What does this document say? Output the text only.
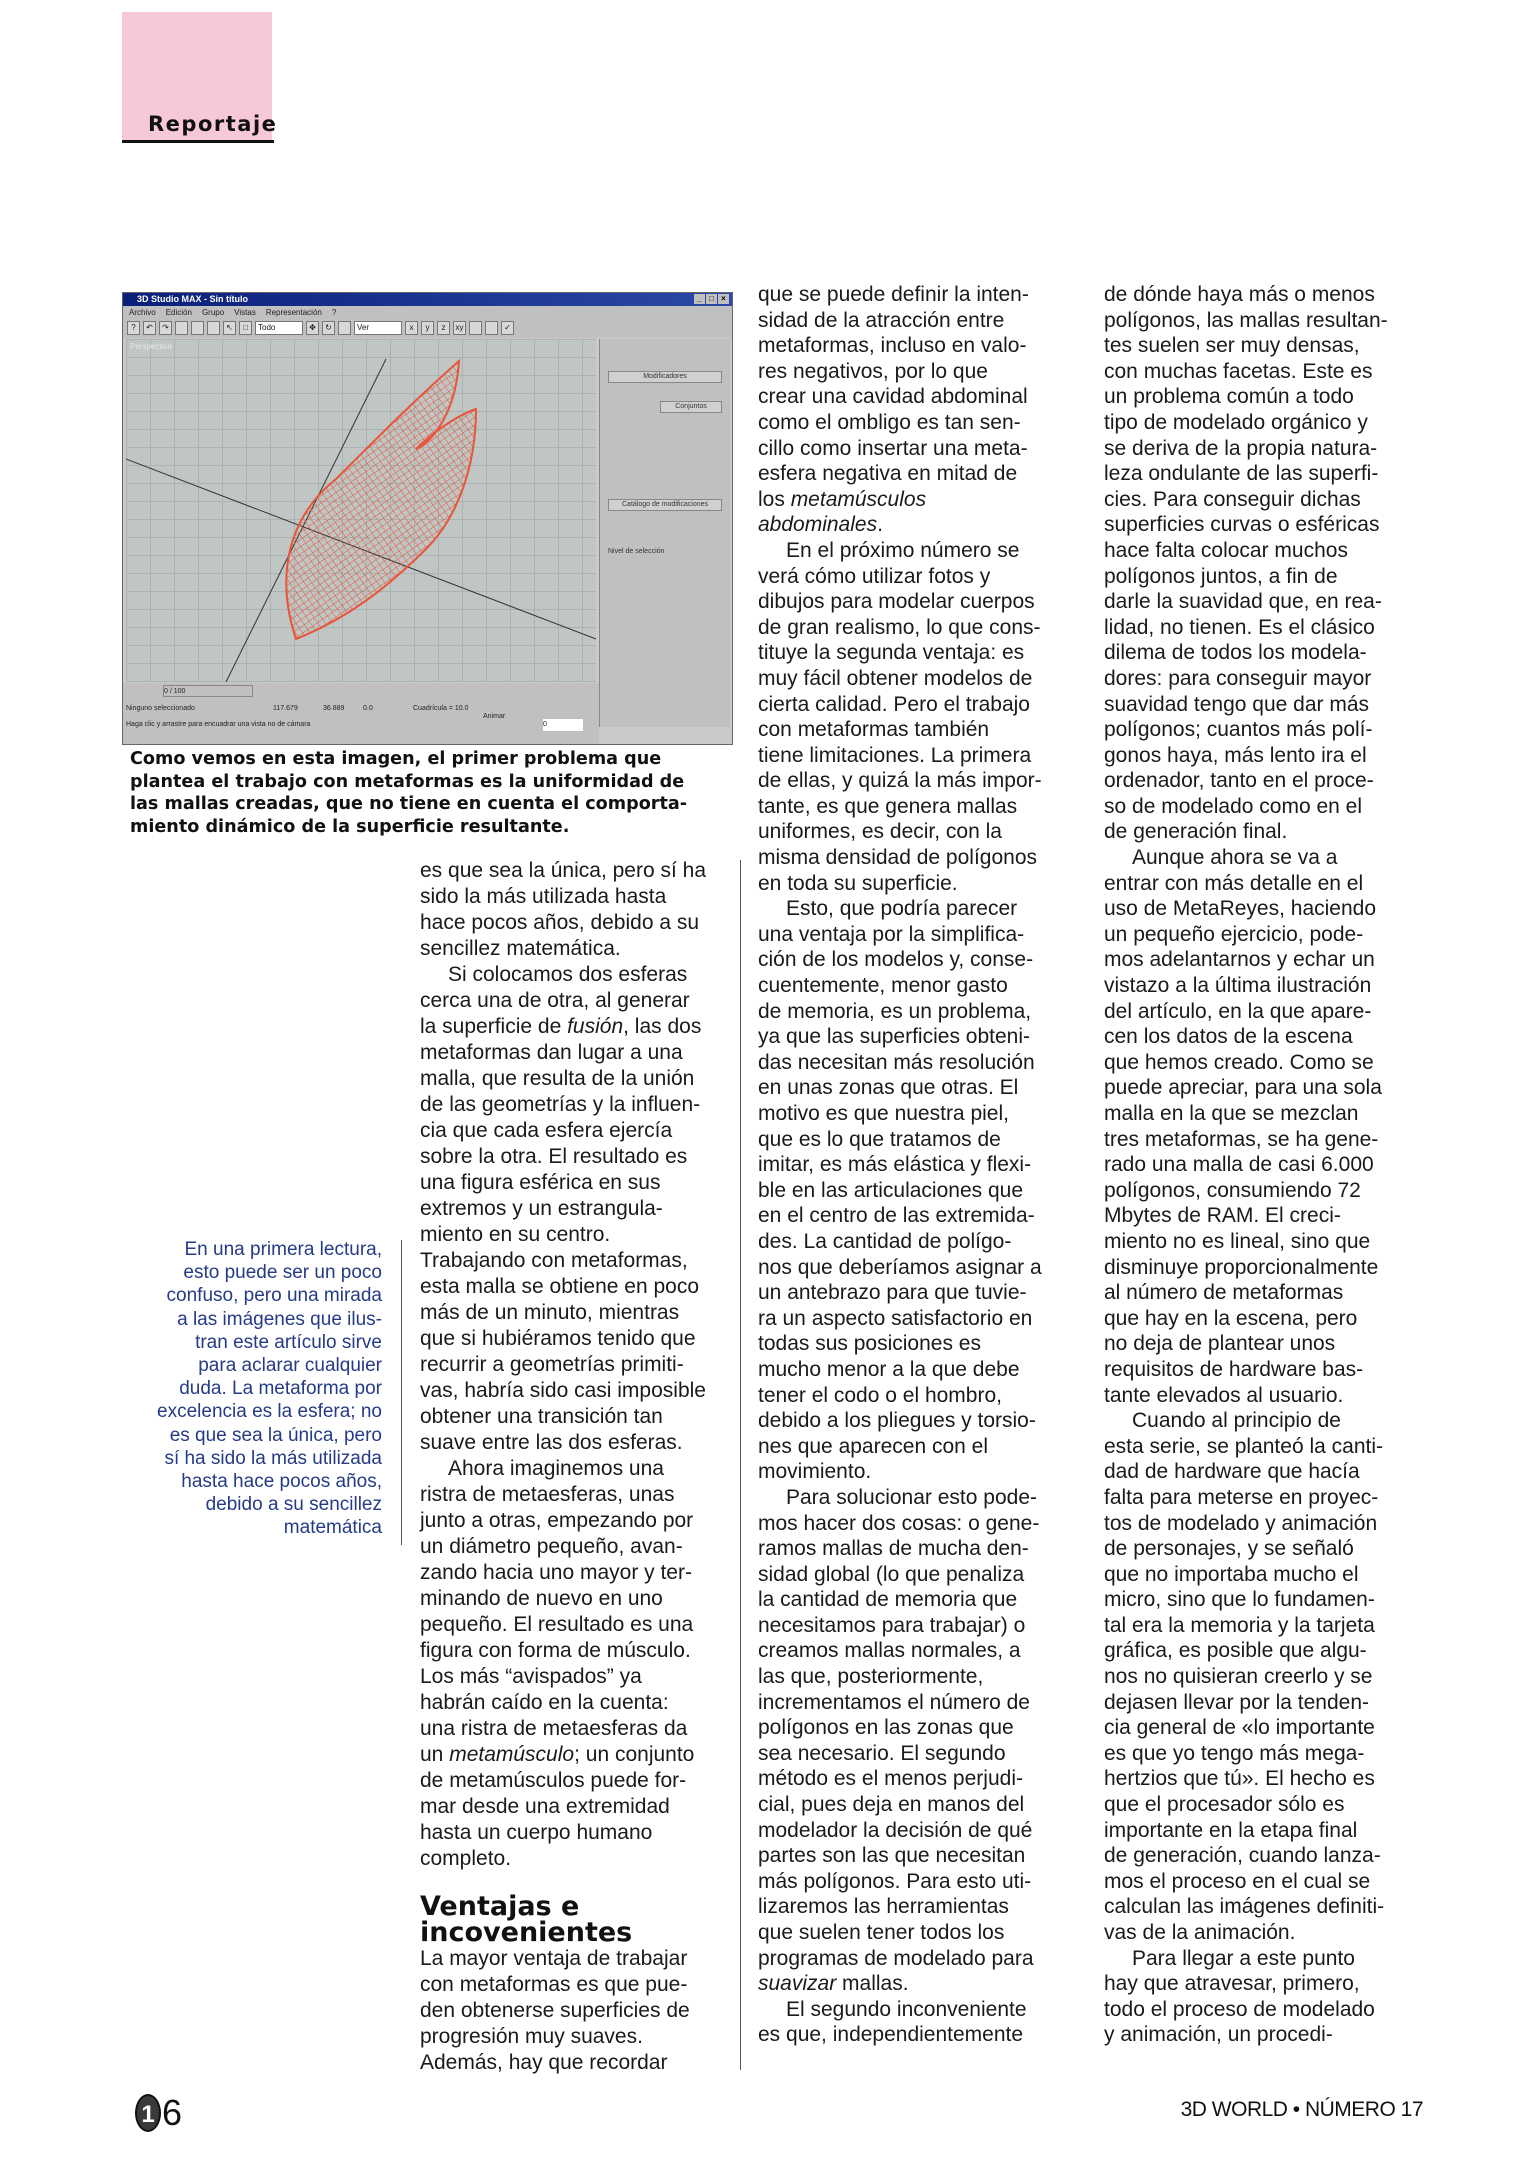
Reportaje
3D Studio MAX - Sin título	_ □ ×
Archivo Edición Grupo Vistas Representación ?
?	↶	↷	↖	□	Todo	✥	↻	Ver	x	y	z	xy	✓
Perspectiva
Modificadores
Conjuntos
Catálogo de modificaciones
Nivel de selección
0 / 100
Ninguno seleccionado	117.679	36.889	0.0	Cuadrícula = 10.0
Animar
Haga clic y arrastre para encuadrar una vista no de cámara	0
Como vemos en esta imagen, el primer problema que
plantea el trabajo con metaformas es la uniformidad de
las mallas creadas, que no tiene en cuenta el comporta-
miento dinámico de la superficie resultante.
En una primera lectura,
esto puede ser un poco
confuso, pero una mirada
a las imágenes que ilus-
tran este artículo sirve
para aclarar cualquier
duda. La metaforma por
excelencia es la esfera; no
es que sea la única, pero
sí ha sido la más utilizada
hasta hace pocos años,
debido a su sencillez
matemática
es que sea la única, pero sí ha
sido la más utilizada hasta
hace pocos años, debido a su
sencillez matemática.
Si colocamos dos esferas
cerca una de otra, al generar
la superficie de fusión, las dos
metaformas dan lugar a una
malla, que resulta de la unión
de las geometrías y la influen-
cia que cada esfera ejercía
sobre la otra. El resultado es
una figura esférica en sus
extremos y un estrangula-
miento en su centro.
Trabajando con metaformas,
esta malla se obtiene en poco
más de un minuto, mientras
que si hubiéramos tenido que
recurrir a geometrías primiti-
vas, habría sido casi imposible
obtener una transición tan
suave entre las dos esferas.
Ahora imaginemos una
ristra de metaesferas, unas
junto a otras, empezando por
un diámetro pequeño, avan-
zando hacia uno mayor y ter-
minando de nuevo en uno
pequeño. El resultado es una
figura con forma de músculo.
Los más “avispados” ya
habrán caído en la cuenta:
una ristra de metaesferas da
un metamúsculo; un conjunto
de metamúsculos puede for-
mar desde una extremidad
hasta un cuerpo humano
completo.
Ventajas e
incovenientes
La mayor ventaja de trabajar
con metaformas es que pue-
den obtenerse superficies de
progresión muy suaves.
Además, hay que recordar
que se puede definir la inten-
sidad de la atracción entre
metaformas, incluso en valo-
res negativos, por lo que
crear una cavidad abdominal
como el ombligo es tan sen-
cillo como insertar una meta-
esfera negativa en mitad de
los metamúsculos
abdominales.
En el próximo número se
verá cómo utilizar fotos y
dibujos para modelar cuerpos
de gran realismo, lo que cons-
tituye la segunda ventaja: es
muy fácil obtener modelos de
cierta calidad. Pero el trabajo
con metaformas también
tiene limitaciones. La primera
de ellas, y quizá la más impor-
tante, es que genera mallas
uniformes, es decir, con la
misma densidad de polígonos
en toda su superficie.
Esto, que podría parecer
una ventaja por la simplifica-
ción de los modelos y, conse-
cuentemente, menor gasto
de memoria, es un problema,
ya que las superficies obteni-
das necesitan más resolución
en unas zonas que otras. El
motivo es que nuestra piel,
que es lo que tratamos de
imitar, es más elástica y flexi-
ble en las articulaciones que
en el centro de las extremida-
des. La cantidad de polígo-
nos que deberíamos asignar a
un antebrazo para que tuvie-
ra un aspecto satisfactorio en
todas sus posiciones es
mucho menor a la que debe
tener el codo o el hombro,
debido a los pliegues y torsio-
nes que aparecen con el
movimiento.
Para solucionar esto pode-
mos hacer dos cosas: o gene-
ramos mallas de mucha den-
sidad global (lo que penaliza
la cantidad de memoria que
necesitamos para trabajar) o
creamos mallas normales, a
las que, posteriormente,
incrementamos el número de
polígonos en las zonas que
sea necesario. El segundo
método es el menos perjudi-
cial, pues deja en manos del
modelador la decisión de qué
partes son las que necesitan
más polígonos. Para esto uti-
lizaremos las herramientas
que suelen tener todos los
programas de modelado para
suavizar mallas.
El segundo inconveniente
es que, independientemente
de dónde haya más o menos
polígonos, las mallas resultan-
tes suelen ser muy densas,
con muchas facetas. Este es
un problema común a todo
tipo de modelado orgánico y
se deriva de la propia natura-
leza ondulante de las superfi-
cies. Para conseguir dichas
superficies curvas o esféricas
hace falta colocar muchos
polígonos juntos, a fin de
darle la suavidad que, en rea-
lidad, no tienen. Es el clásico
dilema de todos los modela-
dores: para conseguir mayor
suavidad tengo que dar más
polígonos; cuantos más polí-
gonos haya, más lento ira el
ordenador, tanto en el proce-
so de modelado como en el
de generación final.
Aunque ahora se va a
entrar con más detalle en el
uso de MetaReyes, haciendo
un pequeño ejercicio, pode-
mos adelantarnos y echar un
vistazo a la última ilustración
del artículo, en la que apare-
cen los datos de la escena
que hemos creado. Como se
puede apreciar, para una sola
malla en la que se mezclan
tres metaformas, se ha gene-
rado una malla de casi 6.000
polígonos, consumiendo 72
Mbytes de RAM. El creci-
miento no es lineal, sino que
disminuye proporcionalmente
al número de metaformas
que hay en la escena, pero
no deja de plantear unos
requisitos de hardware bas-
tante elevados al usuario.
Cuando al principio de
esta serie, se planteó la canti-
dad de hardware que hacía
falta para meterse en proyec-
tos de modelado y animación
de personajes, y se señaló
que no importaba mucho el
micro, sino que lo fundamen-
tal era la memoria y la tarjeta
gráfica, es posible que algu-
nos no quisieran creerlo y se
dejasen llevar por la tenden-
cia general de «lo importante
es que yo tengo más mega-
hertzios que tú». El hecho es
que el procesador sólo es
importante en la etapa final
de generación, cuando lanza-
mos el proceso en el cual se
calculan las imágenes definiti-
vas de la animación.
Para llegar a este punto
hay que atravesar, primero,
todo el proceso de modelado
y animación, un procedi-
1 6	3D WORLD • NÚMERO 17
